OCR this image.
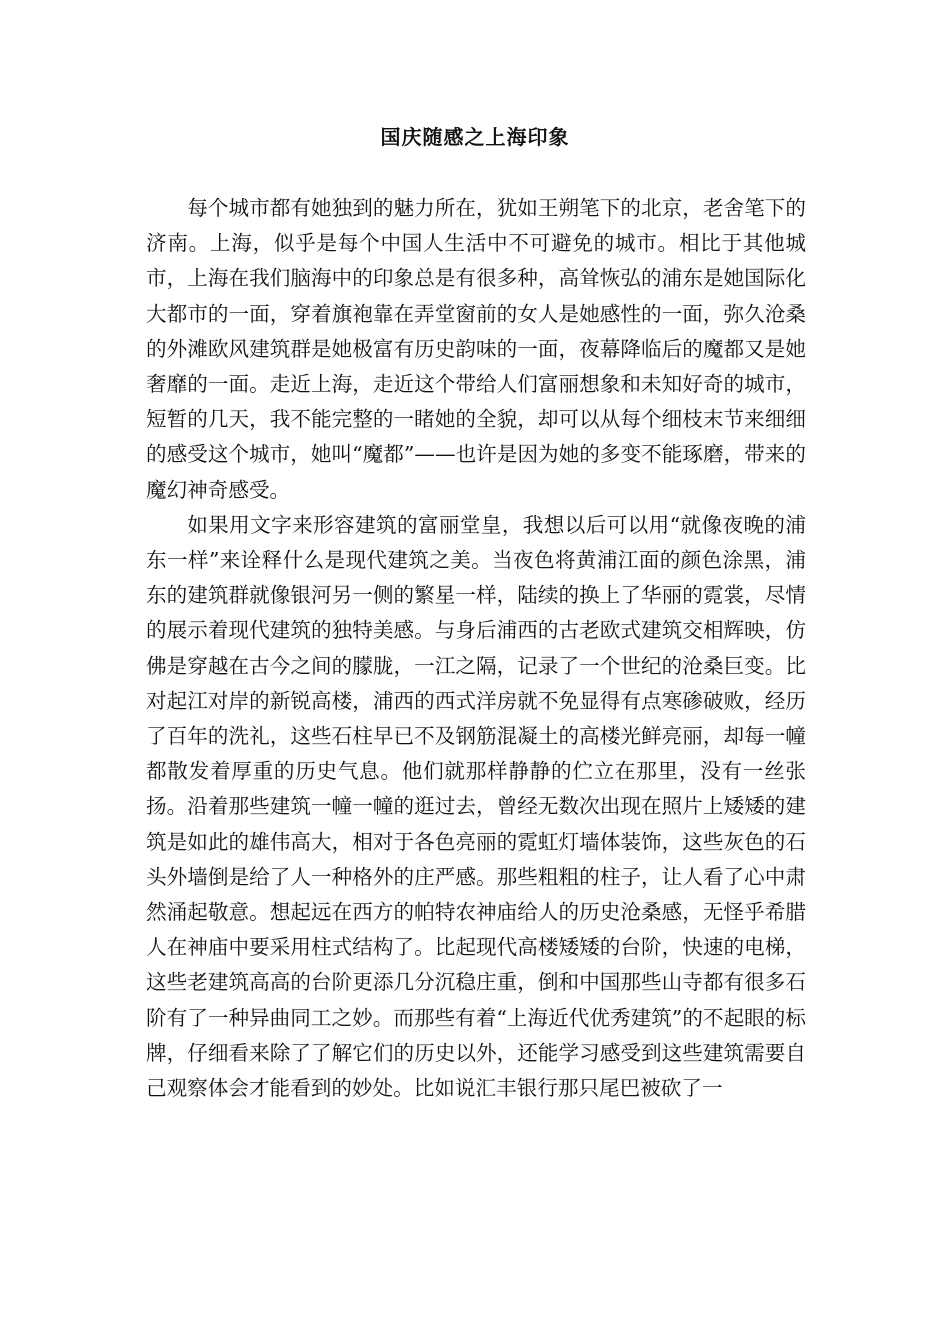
国庆随感之上海印象

每个城市都有她独到的魅力所在，犹如王朔笔下的北京，老舍笔下的济南。上海，似乎是每个中国人生活中不可避免的城市。相比于其他城市，上海在我们脑海中的印象总是有很多种，高耸恢弘的浦东是她国际化大都市的一面，穿着旗袍靠在弄堂窗前的女人是她感性的一面，弥久沧桑的外滩欧风建筑群是她极富有历史韵味的一面，夜幕降临后的魔都又是她奢靡的一面。走近上海，走近这个带给人们富丽想象和未知好奇的城市，短暂的几天，我不能完整的一睹她的全貌，却可以从每个细枝末节来细细的感受这个城市，她叫“魔都”——也许是因为她的多变不能琢磨，带来的魔幻神奇感受。

如果用文字来形容建筑的富丽堂皇，我想以后可以用“就像夜晚的浦东一样”来诠释什么是现代建筑之美。当夜色将黄浦江面的颜色涂黑，浦东的建筑群就像银河另一侧的繁星一样，陆续的换上了华丽的霓裳，尽情的展示着现代建筑的独特美感。与身后浦西的古老欧式建筑交相辉映，仿佛是穿越在古今之间的朦胧，一江之隔，记录了一个世纪的沧桑巨变。比对起江对岸的新锐高楼，浦西的西式洋房就不免显得有点寒碜破败，经历了百年的洗礼，这些石柱早已不及钢筋混凝土的高楼光鲜亮丽，却每一幢都散发着厚重的历史气息。他们就那样静静的伫立在那里，没有一丝张扬。沿着那些建筑一幢一幢的逛过去，曾经无数次出现在照片上矮矮的建筑是如此的雄伟高大，相对于各色亮丽的霓虹灯墙体装饰，这些灰色的石头外墙倒是给了人一种格外的庄严感。那些粗粗的柱子，让人看了心中肃然涌起敬意。想起远在西方的帕特农神庙给人的历史沧桑感，无怪乎希腊人在神庙中要采用柱式结构了。比起现代高楼矮矮的台阶，快速的电梯，这些老建筑高高的台阶更添几分沉稳庄重，倒和中国那些山寺都有很多石阶有了一种异曲同工之妙。而那些有着“上海近代优秀建筑”的不起眼的标牌，仔细看来除了了解它们的历史以外，还能学习感受到这些建筑需要自己观察体会才能看到的妙处。比如说汇丰银行那只尾巴被砍了一
